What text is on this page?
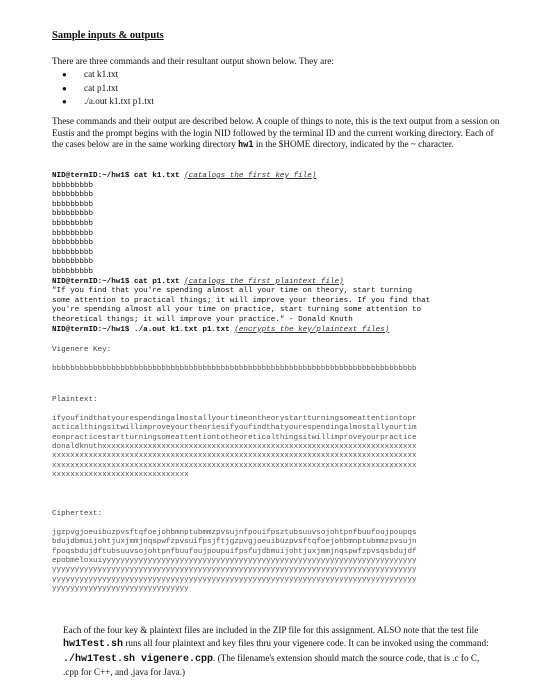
Sample inputs & outputs

There are three commands and their resultant output shown below. They are:

● cat k1.txt
● cat p1.txt
● ./a.out k1.txt p1.txt

These commands and their output are described below. A couple of things to note, this is the text output from a session on Eustis and the prompt begins with the login NID followed by the terminal ID and the current working directory. Each of the cases below are in the same working directory hw1 in the $HOME directory, indicated by the ~ character.

NID@termID:~/hw1$ cat k1.txt (catalogs the first key file)
bbbbbbbbb
bbbbbbbbb
bbbbbbbbb
bbbbbbbbb
bbbbbbbbb
bbbbbbbbb
bbbbbbbbb
bbbbbbbbb
bbbbbbbbb
bbbbbbbbb
NID@termID:~/hw1$ cat p1.txt (catalogs the first plaintext file)
"If you find that you're spending almost all your time on theory, start turning
some attention to practical things; it will improve your theories. If you find that
you're spending almost all your time on practice, start turning some attention to
theoretical things; it will improve your practice." - Donald Knuth
NID@termID:~/hw1$ ./a.out k1.txt p1.txt (encrypts the key/plaintext files)
Vigenere Key:
bbbbbbbbbbbbbbbbbbbbbbbbbbbbbbbbbbbbbbbbbbbbbbbbbbbbbbbbbbbbbbbbbbbbbbbbbbbbbbbb
Plaintext:
ifyoufindthatyourespendingalmostallyourtimeontheorystartturningsomeattentiontopr
acticalthingsitwillimproveyourtheoriesifyoufindthatyourespendingalmostallyourtim
eonpracticestartturningsomeattentiontotheoreticalthingsitwillimproveyourpractice
donaldknuthxxxxxxxxxxxxxxxxxxxxxxxxxxxxxxxxxxxxxxxxxxxxxxxxxxxxxxxxxxxxxxxxxxxxx
xxxxxxxxxxxxxxxxxxxxxxxxxxxxxxxxxxxxxxxxxxxxxxxxxxxxxxxxxxxxxxxxxxxxxxxxxxxxxxxx
xxxxxxxxxxxxxxxxxxxxxxxxxxxxxxxxxxxxxxxxxxxxxxxxxxxxxxxxxxxxxxxxxxxxxxxxxxxxxxxx
xxxxxxxxxxxxxxxxxxxxxxxxxxxxxx
Ciphertext:
jgzpvgjoeuibuzpvsftqfoejohbmnptubmmzpvsujnfpouifpsztubsuuvsojohtpnfbuufoujpoupqs
bdujdbmuijohtjuxjmmjnqspwfzpvsuifpsjftjgzpvgjoeuibuzpvsftqfoejohbmnptubmmzpvsujn
fpoqsbdujdftubsuuvsojohtpnfbuufoujpoupuifpsfujdbmuijohtjuxjmmjnqspwfzpvsqsbdujdf
epobmeloxuiyyyyyyyyyyyyyyyyyyyyyyyyyyyyyyyyyyyyyyyyyyyyyyyyyyyyyyyyyyyyyyyyyyyyy
yyyyyyyyyyyyyyyyyyyyyyyyyyyyyyyyyyyyyyyyyyyyyyyyyyyyyyyyyyyyyyyyyyyyyyyyyyyyyyyy
yyyyyyyyyyyyyyyyyyyyyyyyyyyyyyyyyyyyyyyyyyyyyyyyyyyyyyyyyyyyyyyyyyyyyyyyyyyyyyyy
yyyyyyyyyyyyyyyyyyyyyyyyyyyyyy

Each of the four key & plaintext files are included in the ZIP file for this assignment. ALSO note that the test file hw1Test.sh runs all four plaintext and key files thru your vigenere code. It can be invoked using the command: ./hw1Test.sh vigenere.cpp. (The filename's extension should match the source code, that is .c fo C, .cpp for C++, and .java for Java.)
